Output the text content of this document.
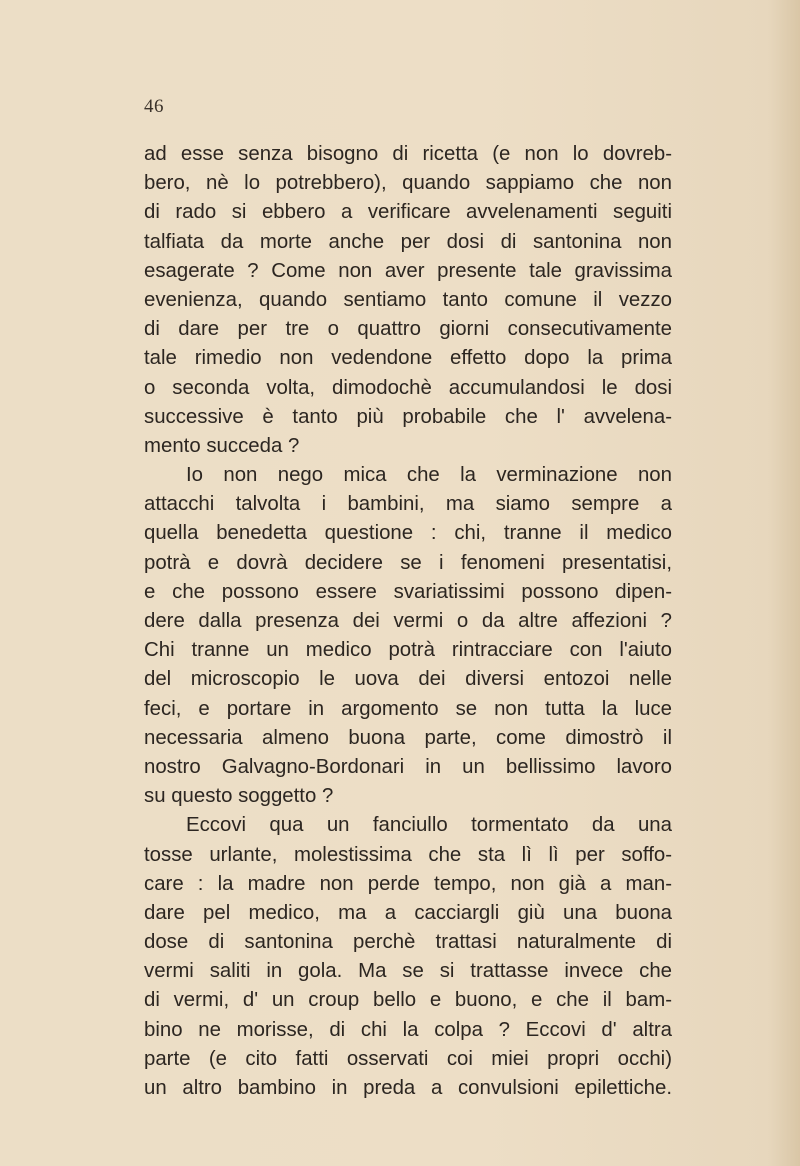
46
ad esse senza bisogno di ricetta (e non lo dovreb-
bero, nè lo potrebbero), quando sappiamo che non
di rado si ebbero a verificare avvelenamenti seguiti
talfiata da morte anche per dosi di santonina non
esagerate ? Come non aver presente tale gravissima
evenienza, quando sentiamo tanto comune il vezzo
di dare per tre o quattro giorni consecutivamente
tale rimedio non vedendone effetto dopo la prima
o seconda volta, dimodochè accumulandosi le dosi
successive è tanto più probabile che l' avvelena-
mento succeda ?
Io non nego mica che la verminazione non
attacchi talvolta i bambini, ma siamo sempre a
quella benedetta questione : chi, tranne il medico
potrà e dovrà decidere se i fenomeni presentatisi,
e che possono essere svariatissimi possono dipen-
dere dalla presenza dei vermi o da altre affezioni ?
Chi tranne un medico potrà rintracciare con l'aiuto
del microscopio le uova dei diversi entozoi nelle
feci, e portare in argomento se non tutta la luce
necessaria almeno buona parte, come dimostrò il
nostro Galvagno-Bordonari in un bellissimo lavoro
su questo soggetto ?
Eccovi qua un fanciullo tormentato da una
tosse urlante, molestissima che sta lì lì per soffo-
care : la madre non perde tempo, non già a man-
dare pel medico, ma a cacciargli giù una buona
dose di santonina perchè trattasi naturalmente di
vermi saliti in gola. Ma se si trattasse invece che
di vermi, d' un croup bello e buono, e che il bam-
bino ne morisse, di chi la colpa ? Eccovi d' altra
parte (e cito fatti osservati coi miei propri occhi)
un altro bambino in preda a convulsioni epilettiche.
